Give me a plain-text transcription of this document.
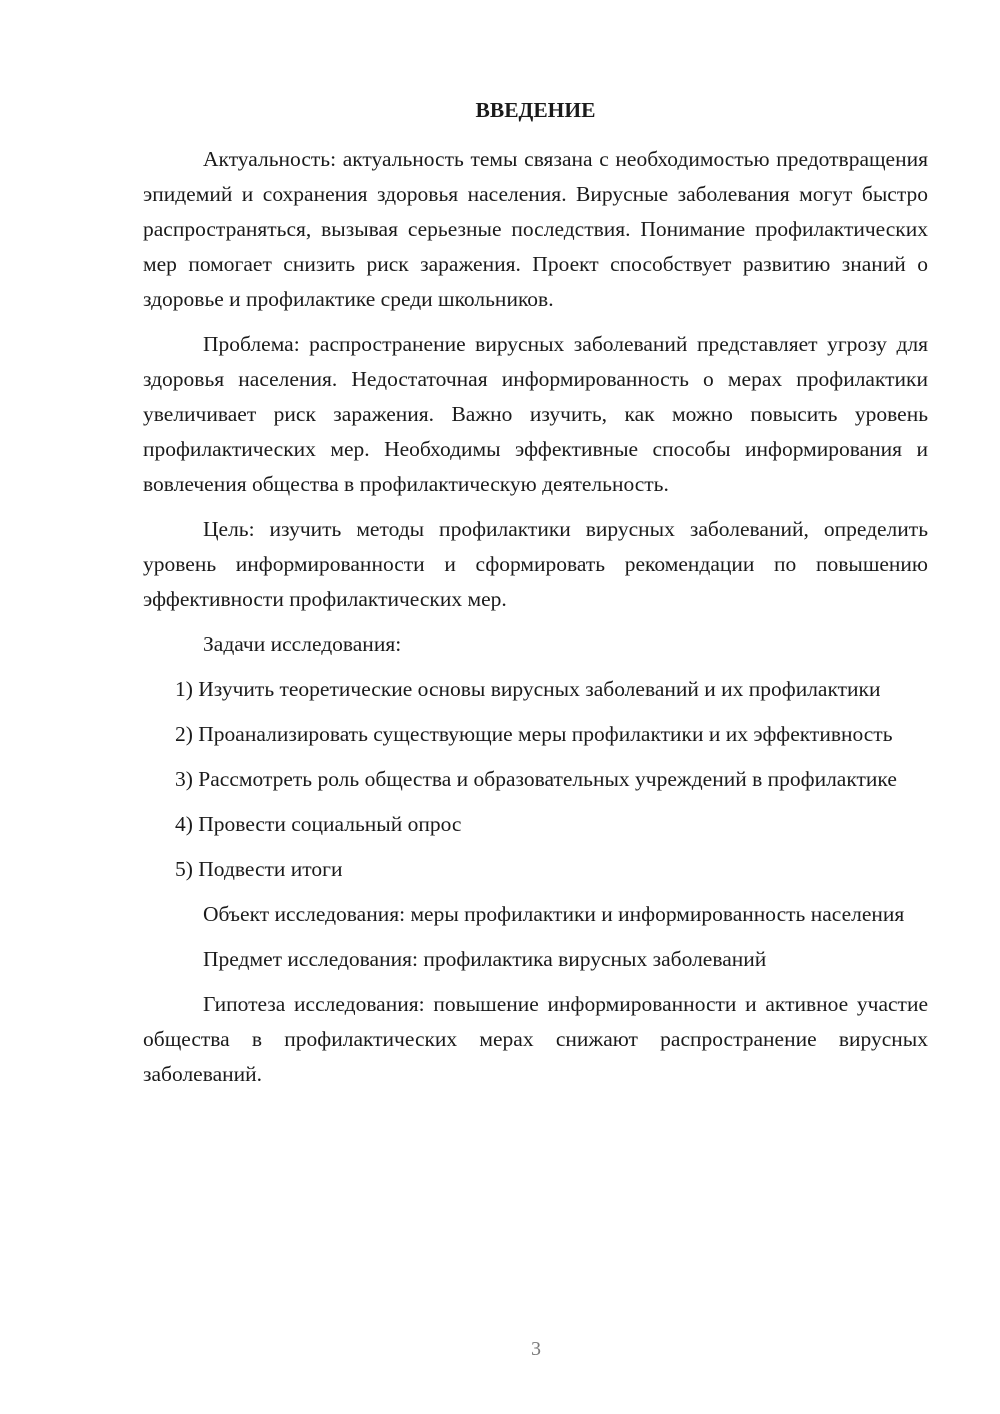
ВВЕДЕНИЕ

Актуальность: актуальность темы связана с необходимостью предотвращения эпидемий и сохранения здоровья населения. Вирусные заболевания могут быстро распространяться, вызывая серьезные последствия. Понимание профилактических мер помогает снизить риск заражения. Проект способствует развитию знаний о здоровье и профилактике среди школьников.

Проблема: распространение вирусных заболеваний представляет угрозу для здоровья населения. Недостаточная информированность о мерах профилактики увеличивает риск заражения. Важно изучить, как можно повысить уровень профилактических мер. Необходимы эффективные способы информирования и вовлечения общества в профилактическую деятельность.

Цель: изучить методы профилактики вирусных заболеваний, определить уровень информированности и сформировать рекомендации по повышению эффективности профилактических мер.

Задачи исследования:

1) Изучить теоретические основы вирусных заболеваний и их профилактики

2) Проанализировать существующие меры профилактики и их эффективность

3) Рассмотреть роль общества и образовательных учреждений в профилактике

4) Провести социальный опрос

5) Подвести итоги

Объект исследования: меры профилактики и информированность населения

Предмет исследования: профилактика вирусных заболеваний

Гипотеза исследования: повышение информированности и активное участие общества в профилактических мерах снижают распространение вирусных заболеваний.

3
